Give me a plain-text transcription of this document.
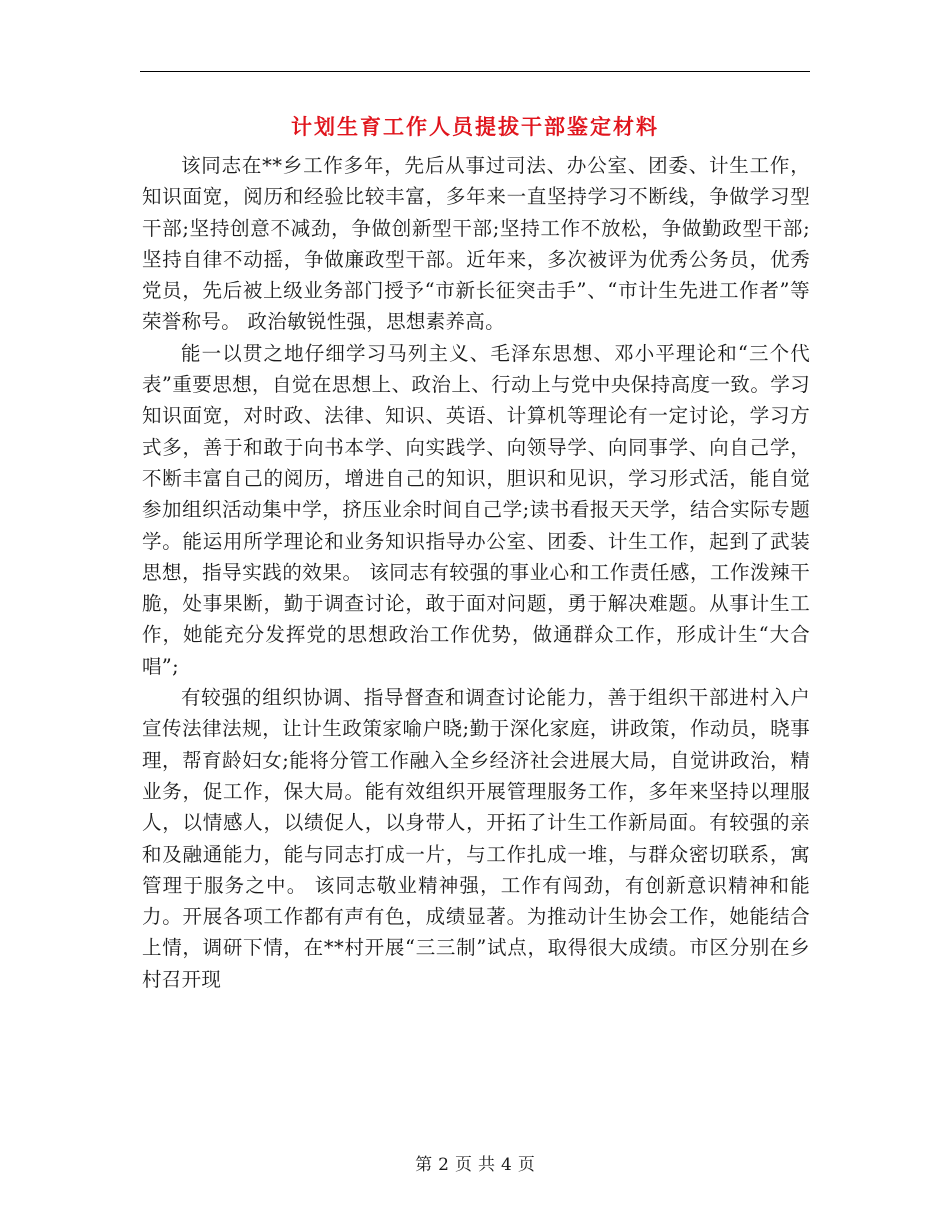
计划生育工作人员提拔干部鉴定材料

该同志在**乡工作多年，先后从事过司法、办公室、团委、计生工作，知识面宽，阅历和经验比较丰富，多年来一直坚持学习不断线，争做学习型干部;坚持创意不减劲，争做创新型干部;坚持工作不放松，争做勤政型干部;坚持自律不动摇，争做廉政型干部。近年来，多次被评为优秀公务员，优秀党员，先后被上级业务部门授予“市新长征突击手”、“市计生先进工作者”等荣誉称号。 政治敏锐性强，思想素养高。

能一以贯之地仔细学习马列主义、毛泽东思想、邓小平理论和“三个代表”重要思想，自觉在思想上、政治上、行动上与党中央保持高度一致。学习知识面宽，对时政、法律、知识、英语、计算机等理论有一定讨论，学习方式多，善于和敢于向书本学、向实践学、向领导学、向同事学、向自己学，不断丰富自己的阅历，增进自己的知识，胆识和见识，学习形式活，能自觉参加组织活动集中学，挤压业余时间自己学;读书看报天天学，结合实际专题学。能运用所学理论和业务知识指导办公室、团委、计生工作，起到了武装思想，指导实践的效果。 该同志有较强的事业心和工作责任感，工作泼辣干脆，处事果断，勤于调查讨论，敢于面对问题，勇于解决难题。从事计生工作，她能充分发挥党的思想政治工作优势，做通群众工作，形成计生“大合唱”;

有较强的组织协调、指导督查和调查讨论能力，善于组织干部进村入户宣传法律法规，让计生政策家喻户晓;勤于深化家庭，讲政策，作动员，晓事理，帮育龄妇女;能将分管工作融入全乡经济社会进展大局，自觉讲政治，精业务，促工作，保大局。能有效组织开展管理服务工作，多年来坚持以理服人，以情感人，以绩促人，以身带人，开拓了计生工作新局面。有较强的亲和及融通能力，能与同志打成一片，与工作扎成一堆，与群众密切联系，寓管理于服务之中。 该同志敬业精神强，工作有闯劲，有创新意识精神和能力。开展各项工作都有声有色，成绩显著。为推动计生协会工作，她能结合上情，调研下情，在**村开展“三三制”试点，取得很大成绩。市区分别在乡村召开现

第 2 页 共 4 页
